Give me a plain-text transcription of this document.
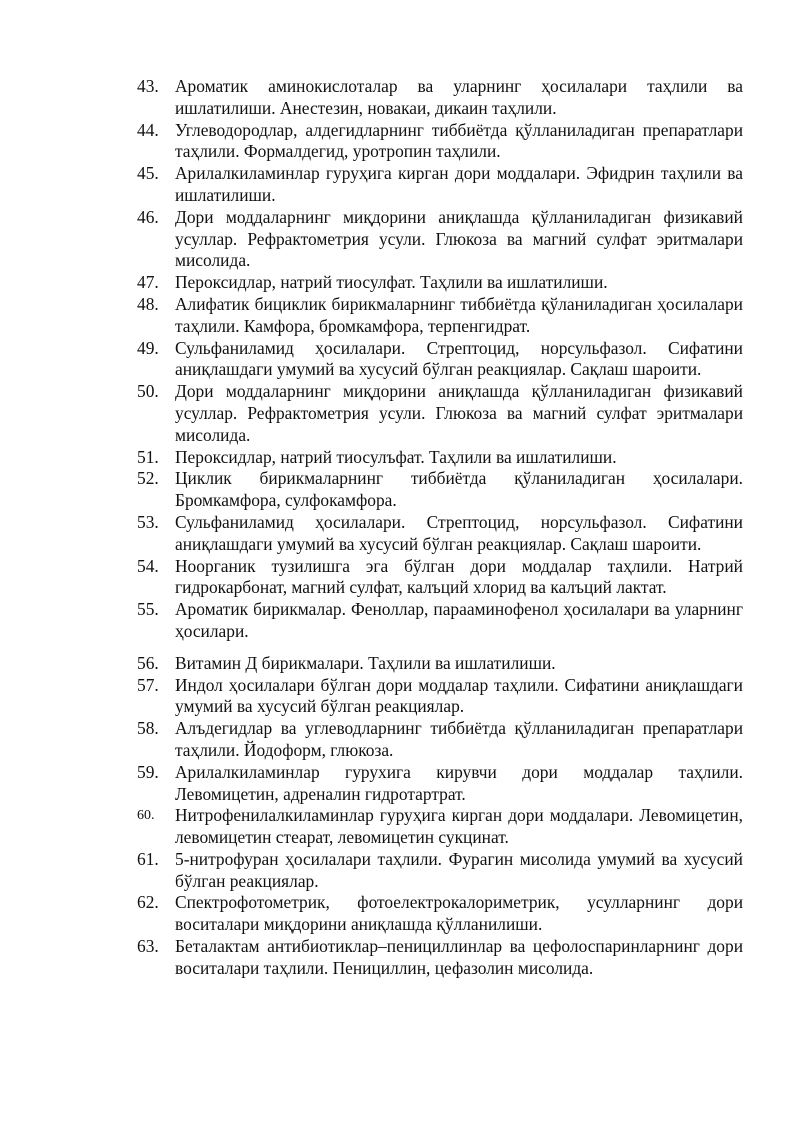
43. Ароматик аминокислоталар ва уларнинг ҳосилалари таҳлили ва ишлатилиши. Анестезин, новакаи, дикаин таҳлили.
44. Углеводородлар, алдегидларнинг тиббиётда қўлланиладиган препаратлари таҳлили. Формалдегид, уротропин таҳлили.
45. Арилалкиламинлар гуруҳига кирган дори моддалари. Эфидрин таҳлили ва ишлатилиши.
46. Дори моддаларнинг миқдорини аниқлашда қўлланиладиган физикавий усуллар. Рефрактометрия усули. Глюкоза ва магний сулфат эритмалари мисолида.
47. Пероксидлар, натрий тиосулфат. Таҳлили ва ишлатилиши.
48. Алифатик бициклик бирикмаларнинг тиббиётда қўланиладиган ҳосилалари таҳлили. Камфора, бромкамфора, терпенгидрат.
49. Сульфаниламид ҳосилалари. Стрептоцид, норсульфазол. Сифатини аниқлашдаги умумий ва хусусий бўлган реакциялар. Сақлаш шароити.
50. Дори моддаларнинг миқдорини аниқлашда қўлланиладиган физикавий усуллар. Рефрактометрия усули. Глюкоза ва магний сулфат эритмалари мисолида.
51. Пероксидлар, натрий тиосулъфат. Таҳлили ва ишлатилиши.
52. Циклик бирикмаларнинг тиббиётда қўланиладиган ҳосилалари. Бромкамфора, сулфокамфора.
53. Сульфаниламид ҳосилалари. Стрептоцид, норсульфазол. Сифатини аниқлашдаги умумий ва хусусий бўлган реакциялар. Сақлаш шароити.
54. Ноорганик тузилишга эга бўлган дори моддалар таҳлили. Натрий гидрокарбонат, магний сулфат, калъций хлорид ва калъций лактат.
55. Ароматик бирикмалар. Феноллар, парааминофенол ҳосилалари ва уларнинг ҳосилари.
56. Витамин Д бирикмалари. Таҳлили ва ишлатилиши.
57. Индол ҳосилалари бўлган дори моддалар таҳлили. Сифатини аниқлашдаги умумий ва хусусий бўлган реакциялар.
58. Алъдегидлар ва углеводларнинг тиббиётда қўлланиладиган препаратлари таҳлили. Йодоформ, глюкоза.
59. Арилалкиламинлар гурухига кирувчи дори моддалар таҳлили. Левомицетин, адреналин гидротартрат.
60.	Нитрофенилалкиламинлар гуруҳига кирган дори моддалари. Левомицетин, левомицетин стеарат, левомицетин сукцинат.
61. 5-нитрофуран ҳосилалари таҳлили. Фурагин мисолида умумий ва хусусий бўлган реакциялар.
62. Спектрофотометрик, фотоелектрокалориметрик, усулларнинг дори воситалари миқдорини аниқлашда қўлланилиши.
63. Беталактам антибиотиклар–пенициллинлар ва цефолоспаринларнинг дори воситалари таҳлили. Пенициллин, цефазолин мисолида.
